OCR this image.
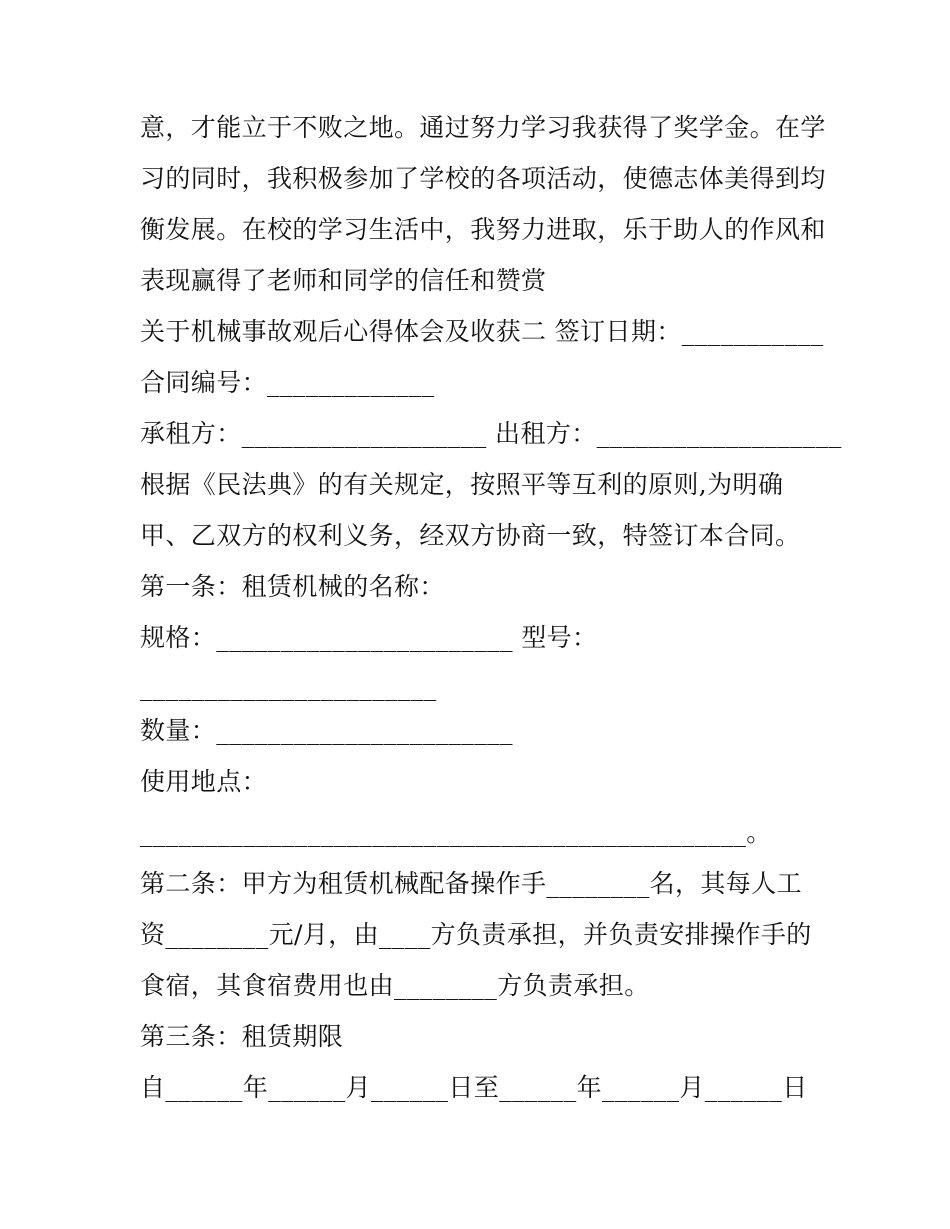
意，才能立于不败之地。通过努力学习我获得了奖学金。在学
习的同时，我积极参加了学校的各项活动，使德志体美得到均
衡发展。在校的学习生活中，我努力进取，乐于助人的作风和
表现赢得了老师和同学的信任和赞赏
关于机械事故观后心得体会及收获二 签订日期：___________
合同编号：_____________
承租方：___________________ 出租方：___________________
根据《民法典》的有关规定，按照平等互利的原则,为明确
甲、乙双方的权利义务，经双方协商一致，特签订本合同。
第一条：租赁机械的名称：
规格：_______________________ 型号：
_______________________
数量：_______________________
使用地点：
_______________________________________________。
第二条：甲方为租赁机械配备操作手________名，其每人工
资________元/月，由____方负责承担，并负责安排操作手的
食宿，其食宿费用也由________方负责承担。
第三条：租赁期限
自______年______月______日至______年______月______日
